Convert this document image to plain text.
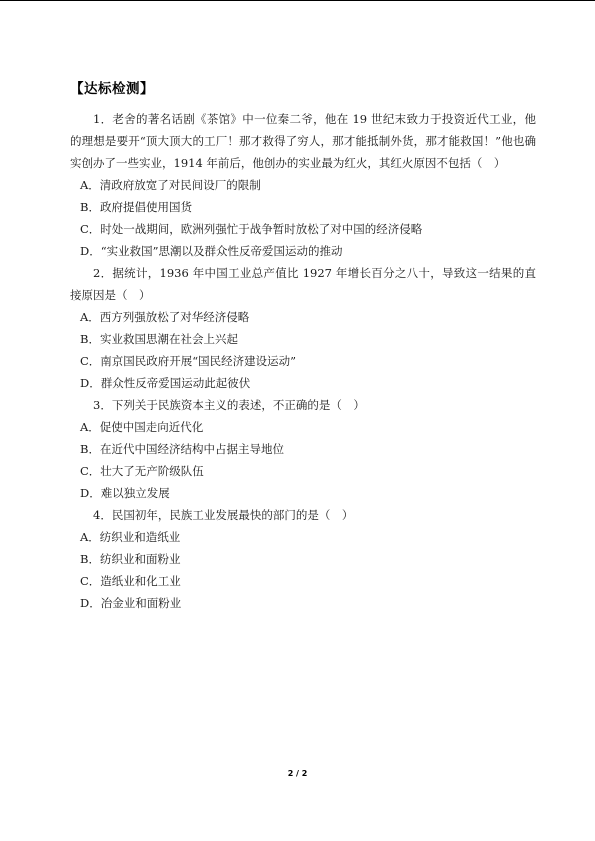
【达标检测】

1．老舍的著名话剧《茶馆》中一位秦二爷，他在 19 世纪末致力于投资近代工业，他的理想是要开“顶大顶大的工厂！那才救得了穷人，那才能抵制外货，那才能救国！”他也确实创办了一些实业，1914 年前后，他创办的实业最为红火，其红火原因不包括（　）

A．清政府放宽了对民间设厂的限制

B．政府提倡使用国货

C．时处一战期间，欧洲列强忙于战争暂时放松了对中国的经济侵略

D．“实业救国”思潮以及群众性反帝爱国运动的推动

2．据统计，1936 年中国工业总产值比 1927 年增长百分之八十，导致这一结果的直接原因是（　）

A．西方列强放松了对华经济侵略

B．实业救国思潮在社会上兴起

C．南京国民政府开展“国民经济建设运动”

D．群众性反帝爱国运动此起彼伏

3．下列关于民族资本主义的表述，不正确的是（　）

A．促使中国走向近代化

B．在近代中国经济结构中占据主导地位

C．壮大了无产阶级队伍

D．难以独立发展

4．民国初年，民族工业发展最快的部门的是（　）

A．纺织业和造纸业

B．纺织业和面粉业

C．造纸业和化工业

D．冶金业和面粉业

2 / 2
